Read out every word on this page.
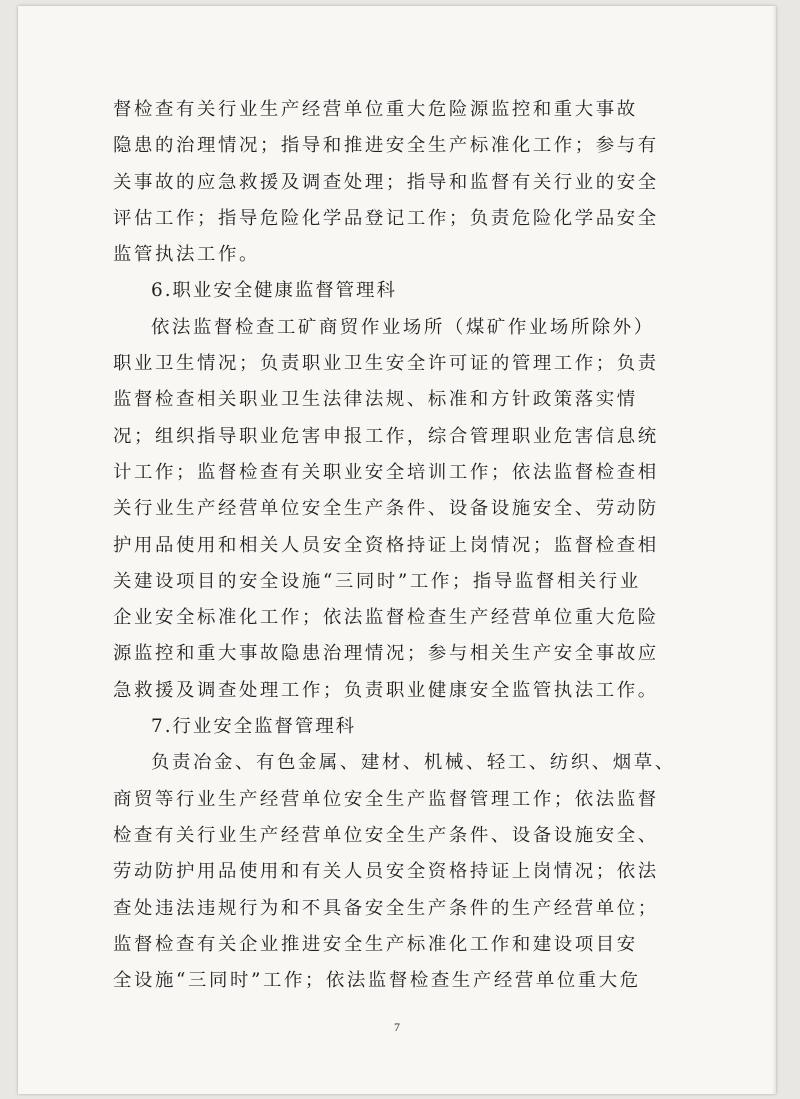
督检查有关行业生产经营单位重大危险源监控和重大事故
隐患的治理情况；指导和推进安全生产标准化工作；参与有
关事故的应急救援及调查处理；指导和监督有关行业的安全
评估工作；指导危险化学品登记工作；负责危险化学品安全
监管执法工作。
6.职业安全健康监督管理科
依法监督检查工矿商贸作业场所（煤矿作业场所除外）
职业卫生情况；负责职业卫生安全许可证的管理工作；负责
监督检查相关职业卫生法律法规、标准和方针政策落实情
况；组织指导职业危害申报工作，综合管理职业危害信息统
计工作；监督检查有关职业安全培训工作；依法监督检查相
关行业生产经营单位安全生产条件、设备设施安全、劳动防
护用品使用和相关人员安全资格持证上岗情况；监督检查相
关建设项目的安全设施“三同时”工作；指导监督相关行业
企业安全标准化工作；依法监督检查生产经营单位重大危险
源监控和重大事故隐患治理情况；参与相关生产安全事故应
急救援及调查处理工作；负责职业健康安全监管执法工作。
7.行业安全监督管理科
负责冶金、有色金属、建材、机械、轻工、纺织、烟草、
商贸等行业生产经营单位安全生产监督管理工作；依法监督
检查有关行业生产经营单位安全生产条件、设备设施安全、
劳动防护用品使用和有关人员安全资格持证上岗情况；依法
查处违法违规行为和不具备安全生产条件的生产经营单位；
监督检查有关企业推进安全生产标准化工作和建设项目安
全设施“三同时”工作；依法监督检查生产经营单位重大危
7
